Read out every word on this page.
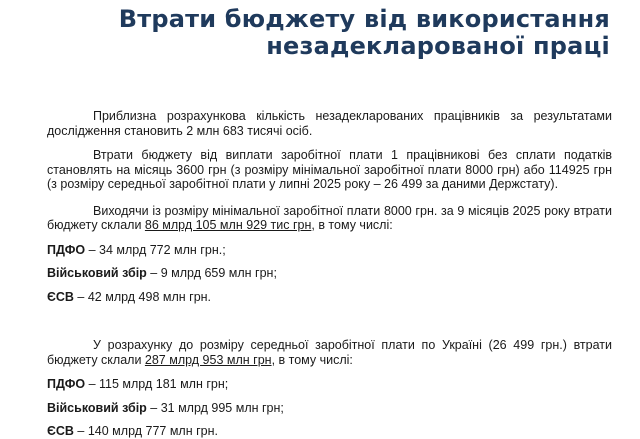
Втрати бюджету від використання
незадекларованої праці

Приблизна розрахункова кількість незадекларованих працівників за результатами дослідження становить 2 млн 683 тисячі осіб.

Втрати бюджету від виплати заробітної плати 1 працівникові без сплати податків становлять на місяць 3600 грн (з розміру мінімальної заробітної плати 8000 грн) або 114925 грн (з розміру середньої заробітної плати у липні 2025 року – 26 499 за даними Держстату).

Виходячи із розміру мінімальної заробітної плати 8000 грн. за 9 місяців 2025 року втрати бюджету склали 86 млрд 105 млн 929 тис грн, в тому числі:

ПДФО – 34 млрд 772 млн грн.;

Військовий збір – 9 млрд 659 млн грн;

ЄСВ – 42 млрд 498 млн грн.

У розрахунку до розміру середньої заробітної плати по Україні (26 499 грн.) втрати бюджету склали 287 млрд 953 млн грн, в тому числі:

ПДФО – 115 млрд 181 млн грн;

Військовий збір – 31 млрд 995 млн грн;

ЄСВ – 140 млрд 777 млн грн.
